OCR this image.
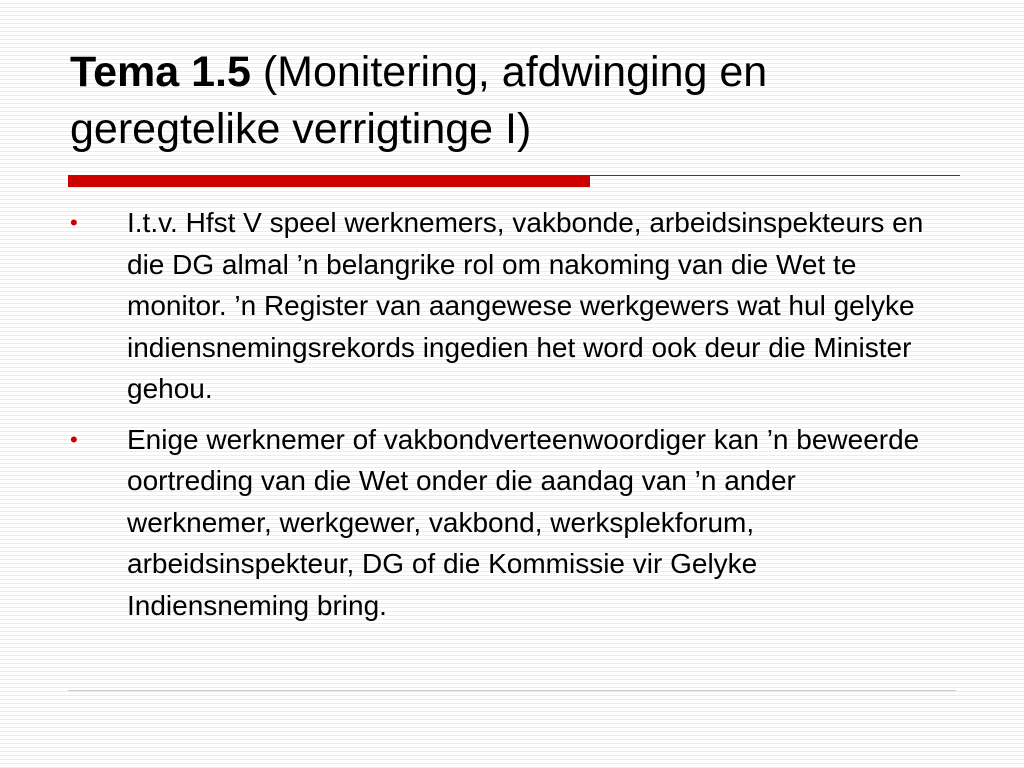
Tema 1.5 (Monitering, afdwinging en geregtelike verrigtinge I)
• I.t.v. Hfst V speel werknemers, vakbonde, arbeidsinspekteurs en die DG almal ’n belangrike rol om nakoming van die Wet te monitor. ’n Register van aangewese werkgewers wat hul gelyke indiensnemingsrekords ingedien het word ook deur die Minister gehou.
• Enige werknemer of vakbondverteenwoordiger kan ’n beweerde oortreding van die Wet onder die aandag van ’n ander werknemer, werkgewer, vakbond, werksplekforum, arbeidsinspekteur, DG of die Kommissie vir Gelyke Indiensneming bring.
